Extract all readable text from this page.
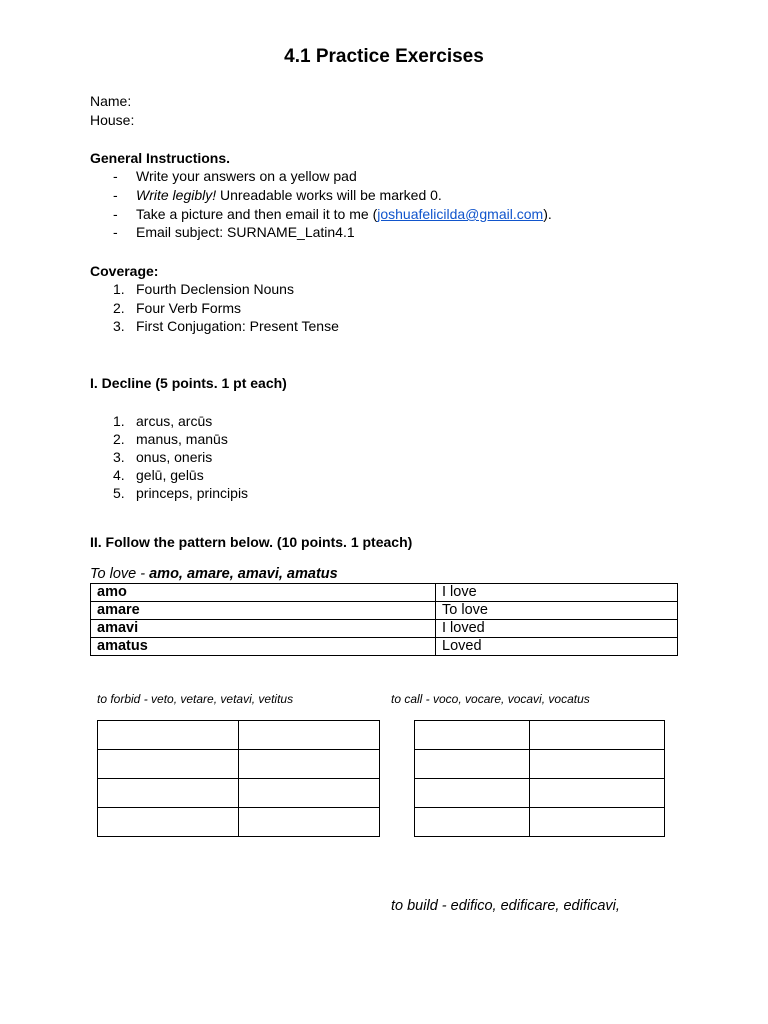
4.1 Practice Exercises
Name:
House:
General Instructions.
- Write your answers on a yellow pad
- Write legibly! Unreadable works will be marked 0.
- Take a picture and then email it to me (joshuafelicilda@gmail.com).
- Email subject: SURNAME_Latin4.1
Coverage:
1. Fourth Declension Nouns
2. Four Verb Forms
3. First Conjugation: Present Tense
I. Decline (5 points. 1 pt each)
1. arcus, arcūs
2. manus, manūs
3. onus, oneris
4. gelū, gelūs
5. princeps, principis
II. Follow the pattern below. (10 points. 1 pteach)
To love - amo, amare, amavi, amatus
amo	I love
amare	To love
amavi	I loved
amatus	Loved
to forbid - veto, vetare, vetavi, vetitus	to call - voco, vocare, vocavi, vocatus

to build - edifico, edificare, edificavi,
